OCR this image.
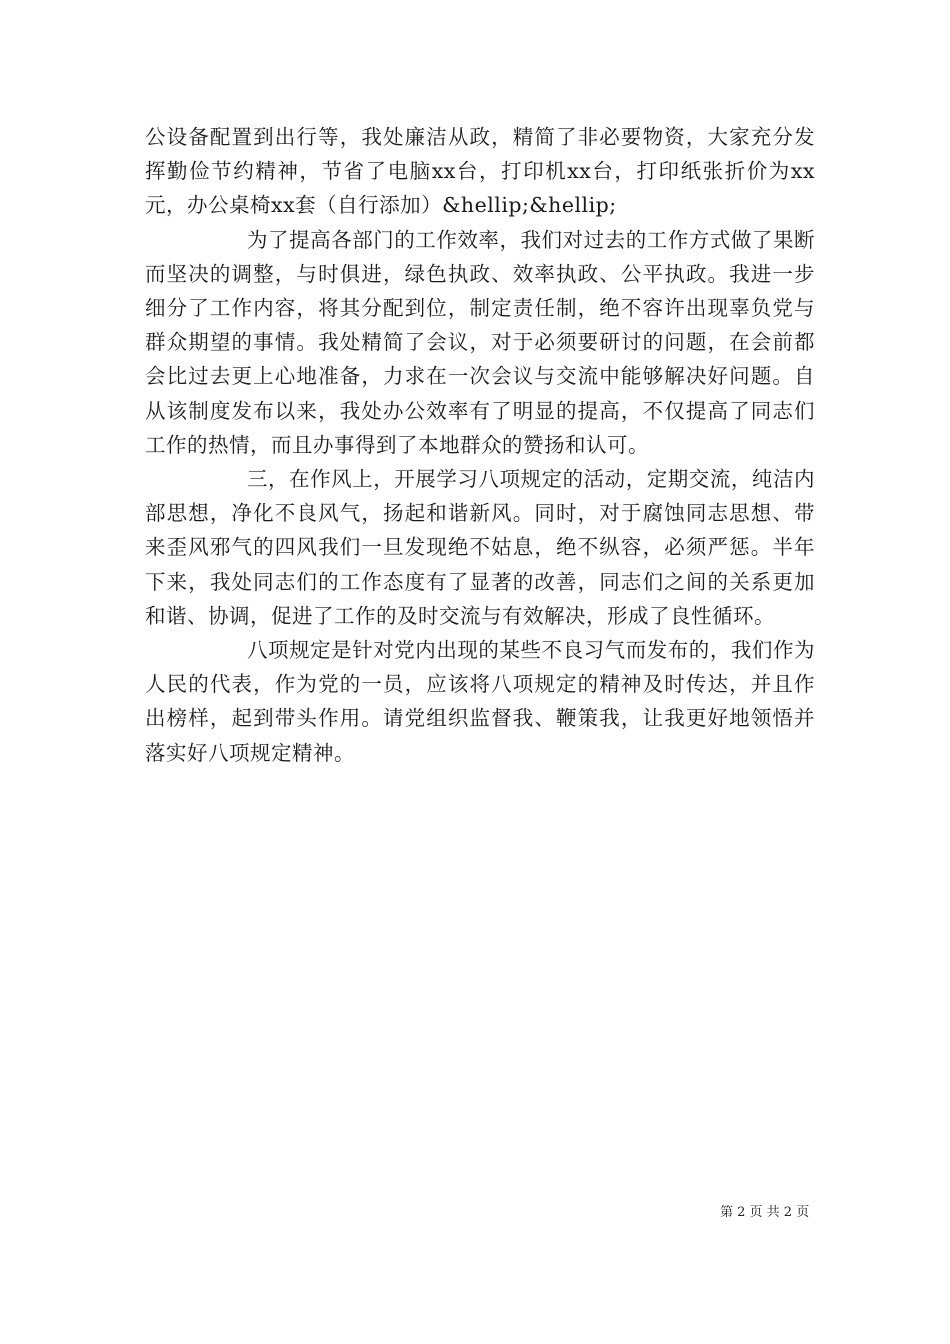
公设备配置到出行等，我处廉洁从政，精简了非必要物资，大家充分发挥勤俭节约精神，节省了电脑xx台，打印机xx台，打印纸张折价为xx元，办公桌椅xx套（自行添加）&hellip;&hellip;

为了提高各部门的工作效率，我们对过去的工作方式做了果断而坚决的调整，与时俱进，绿色执政、效率执政、公平执政。我进一步细分了工作内容，将其分配到位，制定责任制，绝不容许出现辜负党与群众期望的事情。我处精简了会议，对于必须要研讨的问题，在会前都会比过去更上心地准备，力求在一次会议与交流中能够解决好问题。自从该制度发布以来，我处办公效率有了明显的提高，不仅提高了同志们工作的热情，而且办事得到了本地群众的赞扬和认可。

三，在作风上，开展学习八项规定的活动，定期交流，纯洁内部思想，净化不良风气，扬起和谐新风。同时，对于腐蚀同志思想、带来歪风邪气的四风我们一旦发现绝不姑息，绝不纵容，必须严惩。半年下来，我处同志们的工作态度有了显著的改善，同志们之间的关系更加和谐、协调，促进了工作的及时交流与有效解决，形成了良性循环。

八项规定是针对党内出现的某些不良习气而发布的，我们作为人民的代表，作为党的一员，应该将八项规定的精神及时传达，并且作出榜样，起到带头作用。请党组织监督我、鞭策我，让我更好地领悟并落实好八项规定精神。

第 2 页 共 2 页
